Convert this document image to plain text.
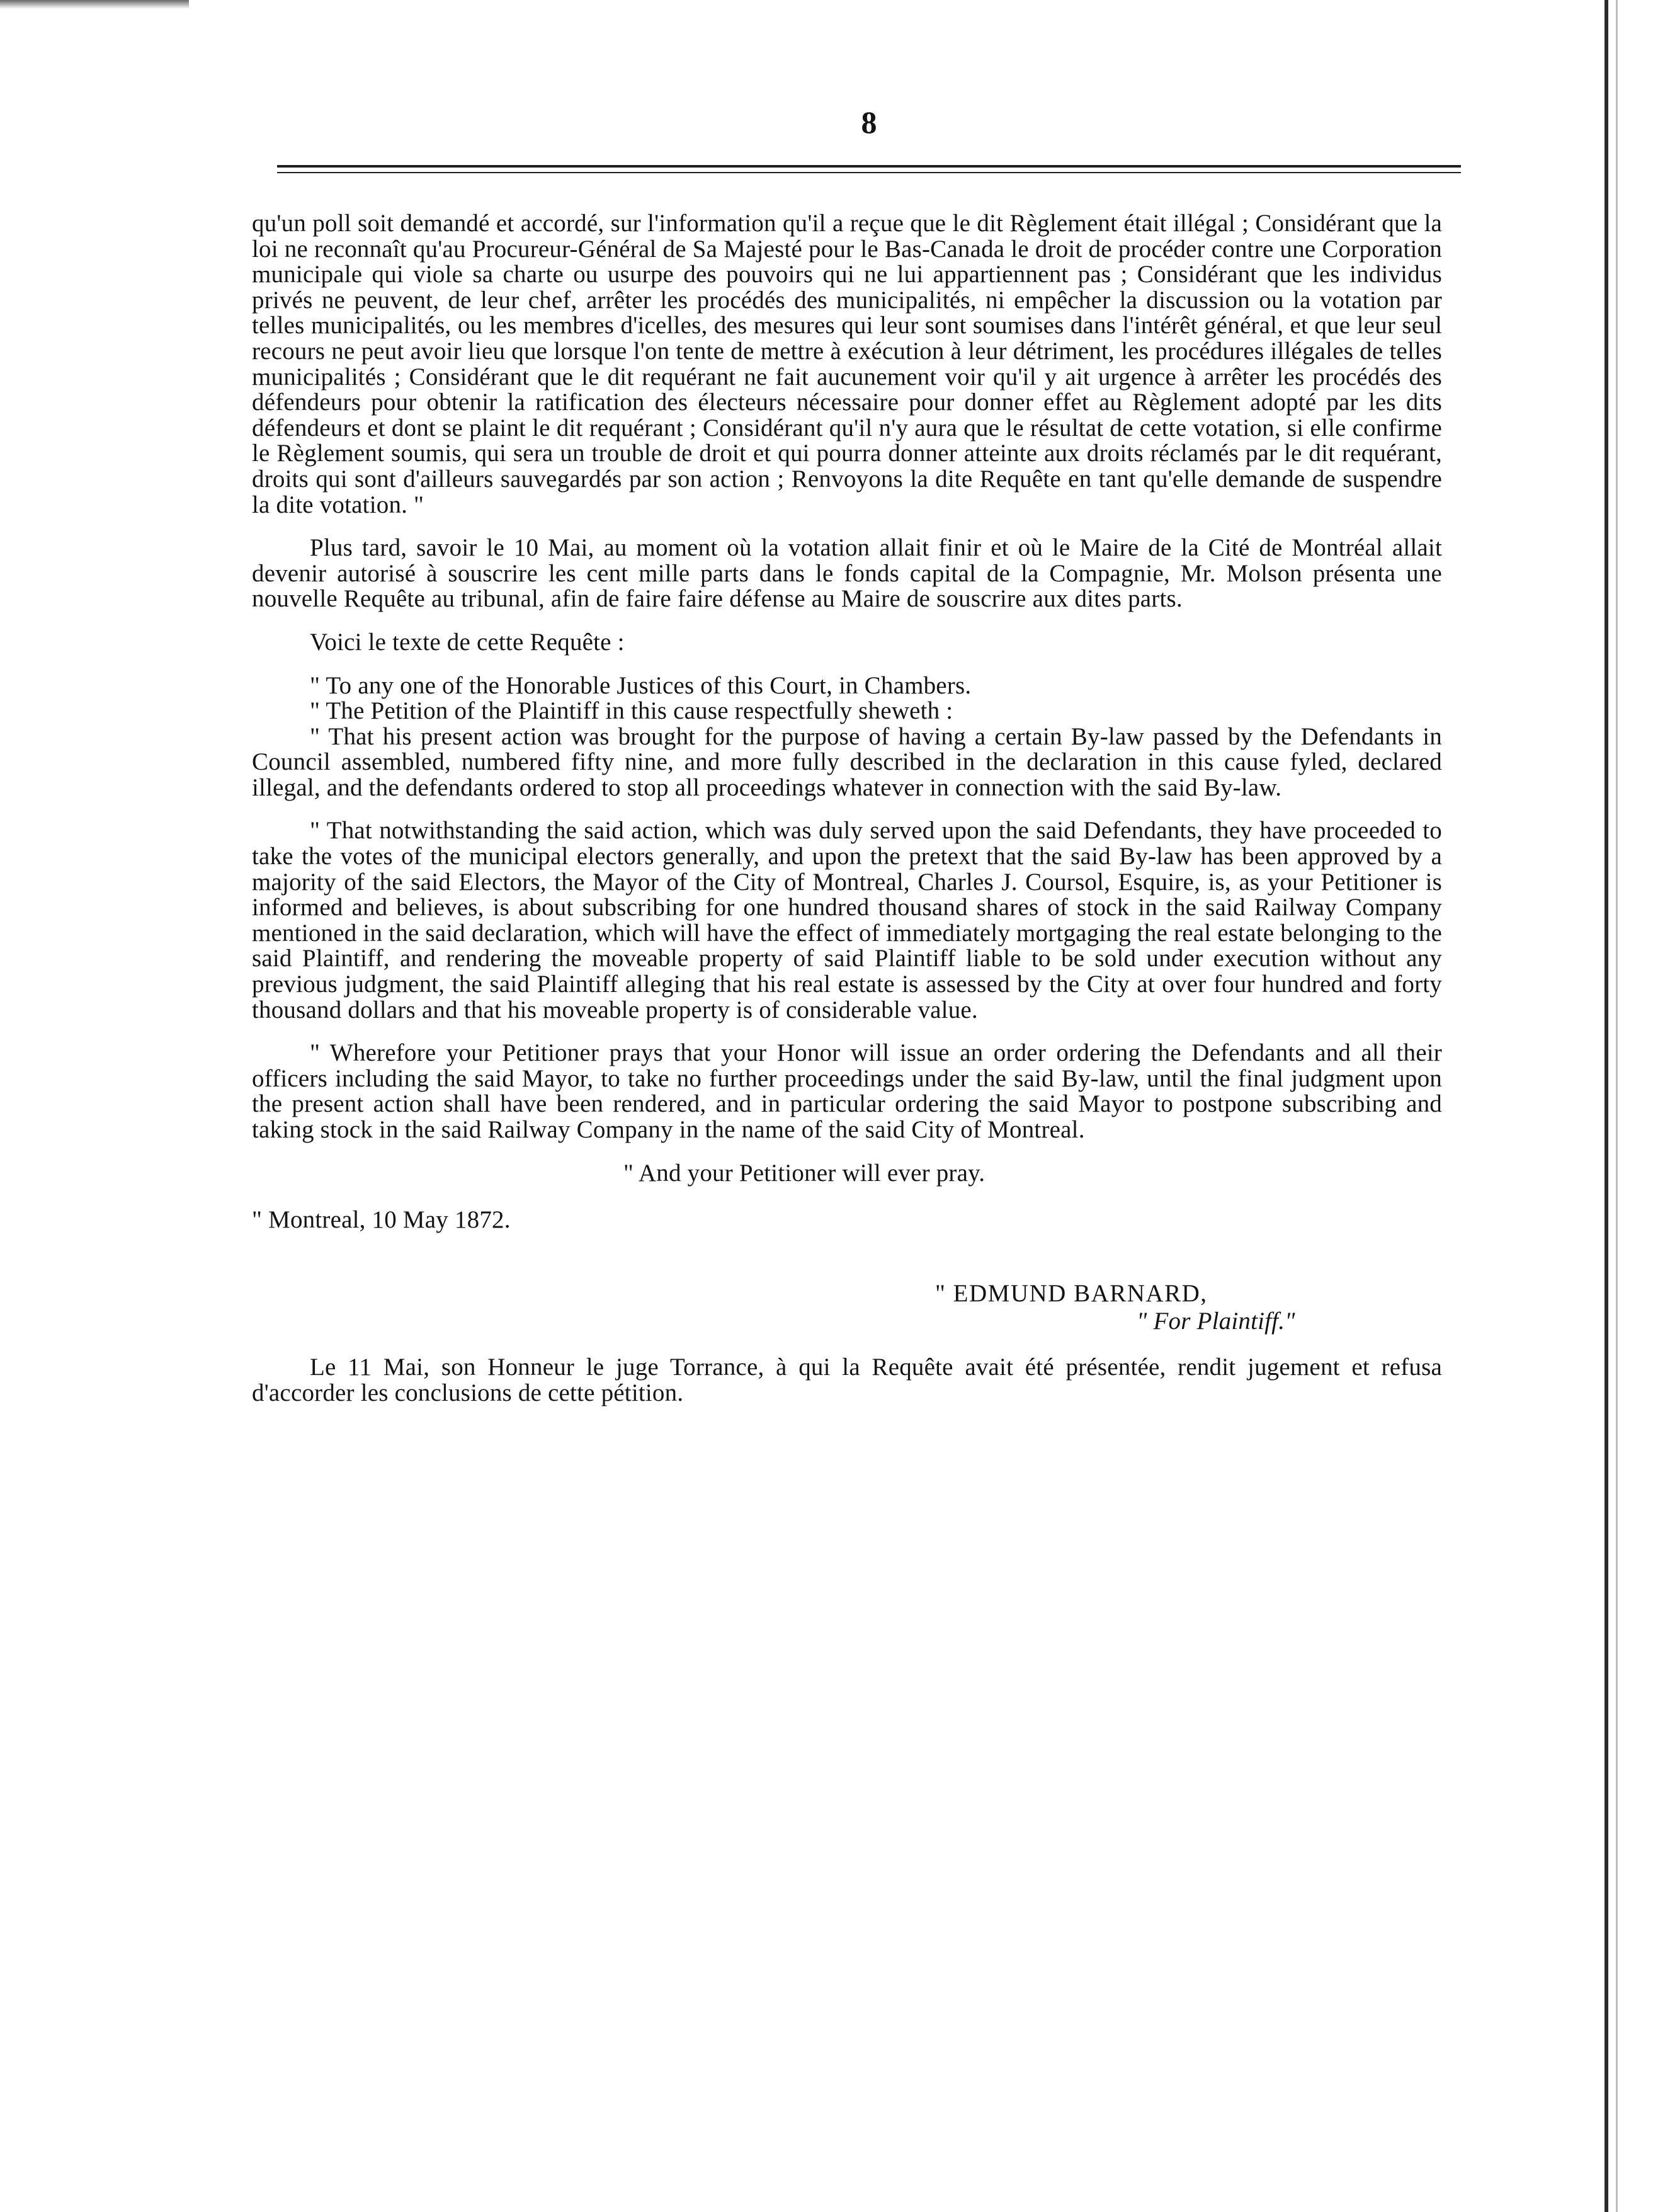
8

qu'un poll soit demandé et accordé, sur l'information qu'il a reçue que le dit Règlement était illégal ; Considérant que la loi ne reconnaît qu'au Procureur-Général de Sa Majesté pour le Bas-Canada le droit de procéder contre une Corporation municipale qui viole sa charte ou usurpe des pouvoirs qui ne lui appartiennent pas ; Considérant que les individus privés ne peuvent, de leur chef, arrêter les procédés des municipalités, ni empêcher la discussion ou la votation par telles municipalités, ou les membres d'icelles, des mesures qui leur sont soumises dans l'intérêt général, et que leur seul recours ne peut avoir lieu que lorsque l'on tente de mettre à exécution à leur détriment, les procédures illégales de telles municipalités ; Considérant que le dit requérant ne fait aucunement voir qu'il y ait urgence à arrêter les procédés des défendeurs pour obtenir la ratification des électeurs nécessaire pour donner effet au Règlement adopté par les dits défendeurs et dont se plaint le dit requérant ; Considérant qu'il n'y aura que le résultat de cette votation, si elle confirme le Règlement soumis, qui sera un trouble de droit et qui pourra donner atteinte aux droits réclamés par le dit requérant, droits qui sont d'ailleurs sauvegardés par son action ; Renvoyons la dite Requête en tant qu'elle demande de suspendre la dite votation. "

Plus tard, savoir le 10 Mai, au moment où la votation allait finir et où le Maire de la Cité de Montréal allait devenir autorisé à souscrire les cent mille parts dans le fonds capital de la Compagnie, Mr. Molson présenta une nouvelle Requête au tribunal, afin de faire faire défense au Maire de souscrire aux dites parts.

Voici le texte de cette Requête :

" To any one of the Honorable Justices of this Court, in Chambers.

" The Petition of the Plaintiff in this cause respectfully sheweth :

" That his present action was brought for the purpose of having a certain By-law passed by the Defendants in Council assembled, numbered fifty nine, and more fully described in the declaration in this cause fyled, declared illegal, and the defendants ordered to stop all proceedings whatever in connection with the said By-law.

" That notwithstanding the said action, which was duly served upon the said Defendants, they have proceeded to take the votes of the municipal electors generally, and upon the pretext that the said By-law has been approved by a majority of the said Electors, the Mayor of the City of Montreal, Charles J. Coursol, Esquire, is, as your Petitioner is informed and believes, is about subscribing for one hundred thousand shares of stock in the said Railway Company mentioned in the said declaration, which will have the effect of immediately mortgaging the real estate belonging to the said Plaintiff, and rendering the moveable property of said Plaintiff liable to be sold under execution without any previous judgment, the said Plaintiff alleging that his real estate is assessed by the City at over four hundred and forty thousand dollars and that his moveable property is of considerable value.

" Wherefore your Petitioner prays that your Honor will issue an order ordering the Defendants and all their officers including the said Mayor, to take no further proceedings under the said By-law, until the final judgment upon the present action shall have been rendered, and in particular ordering the said Mayor to postpone subscribing and taking stock in the said Railway Company in the name of the said City of Montreal.

" And your Petitioner will ever pray.

" Montreal, 10 May 1872.

" EDMUND BARNARD,

" For Plaintiff."

Le 11 Mai, son Honneur le juge Torrance, à qui la Requête avait été présentée, rendit jugement et refusa d'accorder les conclusions de cette pétition.
